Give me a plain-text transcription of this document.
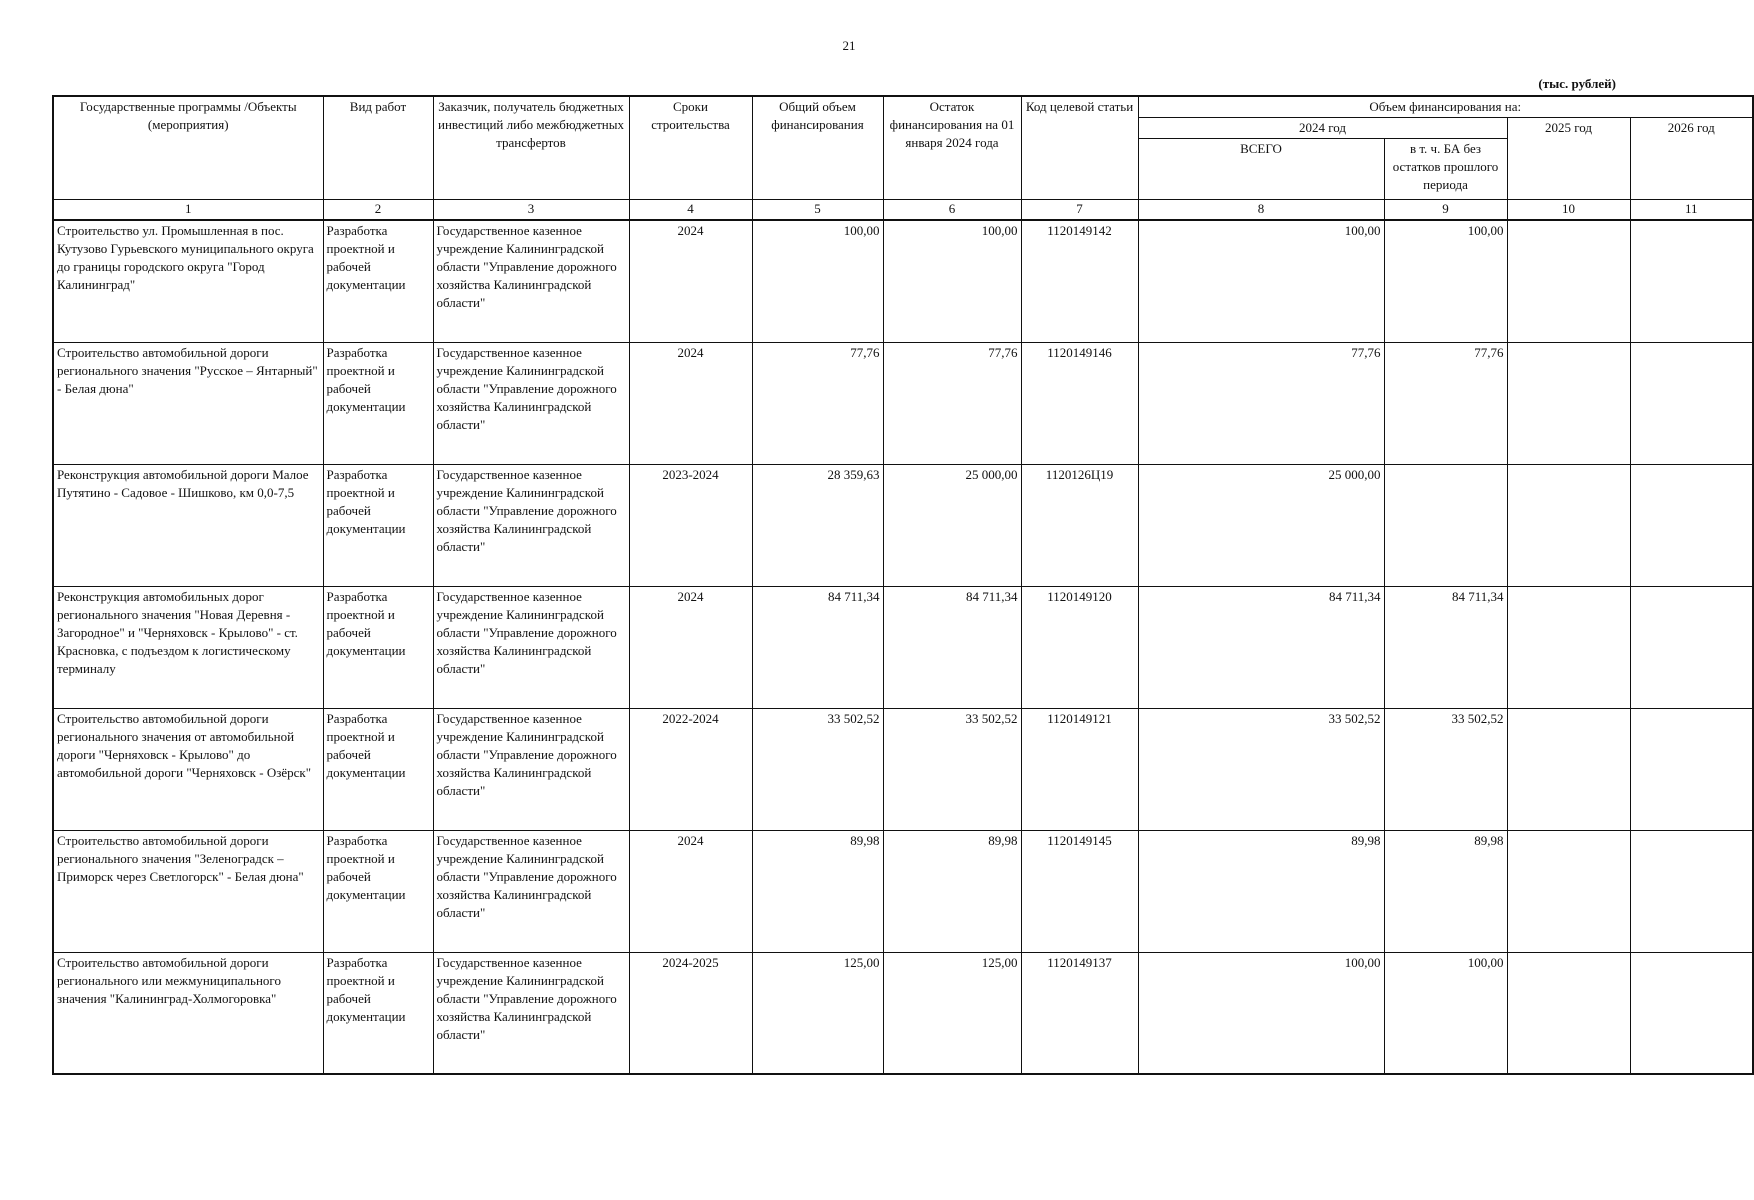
21
(тыс. рублей)
Государственные программы /Объекты (мероприятия)	Вид работ	Заказчик, получатель бюджетных инвестиций либо межбюджетных трансфертов	Сроки строительства	Общий объем финансирования	Остаток финансирования на 01 января 2024 года	Код целевой статьи	Объем финансирования на:			
							2024 год		2025 год	2026 год
							ВСЕГО	в т. ч. БА без остатков прошлого периода		
1	2	3	4	5	6	7	8	9	10	11
Строительство ул. Промышленная в пос. Кутузово Гурьевского муниципального округа до границы городского округа "Город Калининград"	Разработка проектной и рабочей документации	Государственное казенное учреждение Калининградской области "Управление дорожного хозяйства Калининградской области"	2024	100,00	100,00	1120149142	100,00	100,00		
Строительство автомобильной дороги регионального значения "Русское – Янтарный" - Белая дюна"	Разработка проектной и рабочей документации	Государственное казенное учреждение Калининградской области "Управление дорожного хозяйства Калининградской области"	2024	77,76	77,76	1120149146	77,76	77,76		
Реконструкция автомобильной дороги Малое Путятино - Садовое - Шишково, км 0,0-7,5	Разработка проектной и рабочей документации	Государственное казенное учреждение Калининградской области "Управление дорожного хозяйства Калининградской области"	2023-2024	28 359,63	25 000,00	1120126Ц19	25 000,00			
Реконструкция автомобильных дорог регионального значения "Новая Деревня - Загородное" и "Черняховск - Крылово" - ст. Красновка, с подъездом к логистическому терминалу	Разработка проектной и рабочей документации	Государственное казенное учреждение Калининградской области "Управление дорожного хозяйства Калининградской области"	2024	84 711,34	84 711,34	1120149120	84 711,34	84 711,34		
Строительство автомобильной дороги регионального значения от автомобильной дороги "Черняховск - Крылово" до автомобильной дороги "Черняховск - Озёрск"	Разработка проектной и рабочей документации	Государственное казенное учреждение Калининградской области "Управление дорожного хозяйства Калининградской области"	2022-2024	33 502,52	33 502,52	1120149121	33 502,52	33 502,52		
Строительство автомобильной дороги регионального значения "Зеленоградск – Приморск через Светлогорск" - Белая дюна"	Разработка проектной и рабочей документации	Государственное казенное учреждение Калининградской области "Управление дорожного хозяйства Калининградской области"	2024	89,98	89,98	1120149145	89,98	89,98		
Строительство автомобильной дороги регионального или межмуниципального значения "Калининград-Холмогоровка"	Разработка проектной и рабочей документации	Государственное казенное учреждение Калининградской области "Управление дорожного хозяйства Калининградской области"	2024-2025	125,00	125,00	1120149137	100,00	100,00		
